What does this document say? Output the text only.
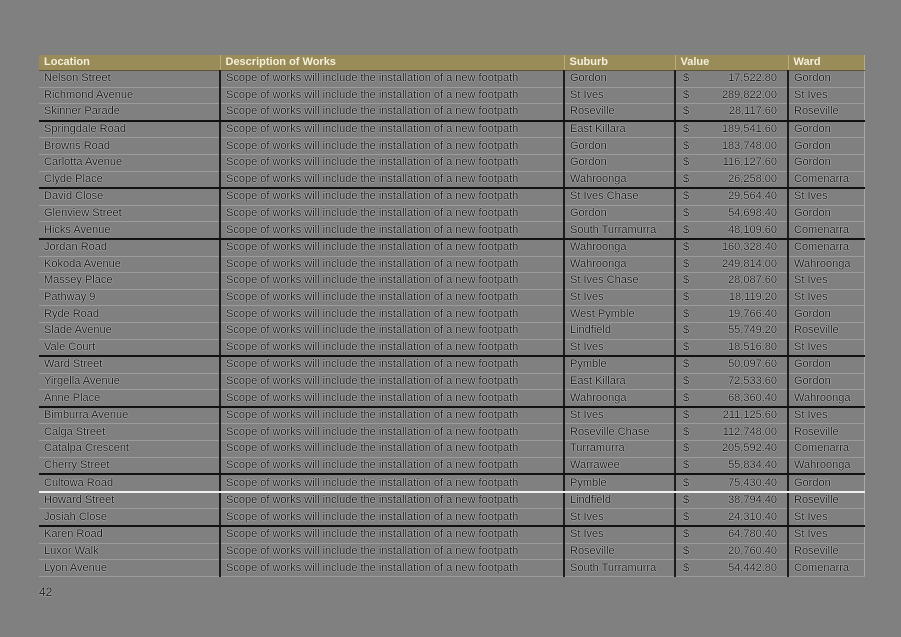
Location	Description of Works	Suburb	Value	Ward
Nelson Street	Scope of works will include the installation of a new footpath	Gordon	$ 17,522.80	Gordon
Richmond Avenue	Scope of works will include the installation of a new footpath	St Ives	$ 289,822.00	St Ives
Skinner Parade	Scope of works will include the installation of a new footpath	Roseville	$ 28,117.60	Roseville
Springdale Road	Scope of works will include the installation of a new footpath	East Killara	$ 189,541.60	Gordon
Browns Road	Scope of works will include the installation of a new footpath	Gordon	$ 183,748.00	Gordon
Carlotta Avenue	Scope of works will include the installation of a new footpath	Gordon	$ 116,127.60	Gordon
Clyde Place	Scope of works will include the installation of a new footpath	Wahroonga	$ 26,258.00	Comenarra
David Close	Scope of works will include the installation of a new footpath	St Ives Chase	$ 29,564.40	St Ives
Glenview Street	Scope of works will include the installation of a new footpath	Gordon	$ 54,698.40	Gordon
Hicks Avenue	Scope of works will include the installation of a new footpath	South Turramurra	$ 48,109.60	Comenarra
Jordan Road	Scope of works will include the installation of a new footpath	Wahroonga	$ 160,328.40	Comenarra
Kokoda Avenue	Scope of works will include the installation of a new footpath	Wahroonga	$ 249,814.00	Wahroonga
Massey Place	Scope of works will include the installation of a new footpath	St Ives Chase	$ 28,087.60	St Ives
Pathway 9	Scope of works will include the installation of a new footpath	St Ives	$ 18,119.20	St Ives
Ryde Road	Scope of works will include the installation of a new footpath	West Pymble	$ 19,766.40	Gordon
Slade Avenue	Scope of works will include the installation of a new footpath	Lindfield	$ 55,749.20	Roseville
Vale Court	Scope of works will include the installation of a new footpath	St Ives	$ 18,516.80	St Ives
Ward Street	Scope of works will include the installation of a new footpath	Pymble	$ 50,097.60	Gordon
Yirgella Avenue	Scope of works will include the installation of a new footpath	East Killara	$ 72,533.60	Gordon
Anne Place	Scope of works will include the installation of a new footpath	Wahroonga	$ 68,360.40	Wahroonga
Bimburra Avenue	Scope of works will include the installation of a new footpath	St Ives	$ 211,125.60	St Ives
Calga Street	Scope of works will include the installation of a new footpath	Roseville Chase	$ 112,748.00	Roseville
Catalpa Crescent	Scope of works will include the installation of a new footpath	Turramurra	$ 205,592.40	Comenarra
Cherry Street	Scope of works will include the installation of a new footpath	Warrawee	$ 55,834.40	Wahroonga
Cultowa Road	Scope of works will include the installation of a new footpath	Pymble	$ 75,430.40	Gordon
Howard Street	Scope of works will include the installation of a new footpath	Lindfield	$ 38,794.40	Roseville
Josiah Close	Scope of works will include the installation of a new footpath	St Ives	$ 24,310.40	St Ives
Karen Road	Scope of works will include the installation of a new footpath	St Ives	$ 64,780.40	St Ives
Luxor Walk	Scope of works will include the installation of a new footpath	Roseville	$ 20,760.40	Roseville
Lyon Avenue	Scope of works will include the installation of a new footpath	South Turramurra	$ 54,442.80	Comenarra
42
